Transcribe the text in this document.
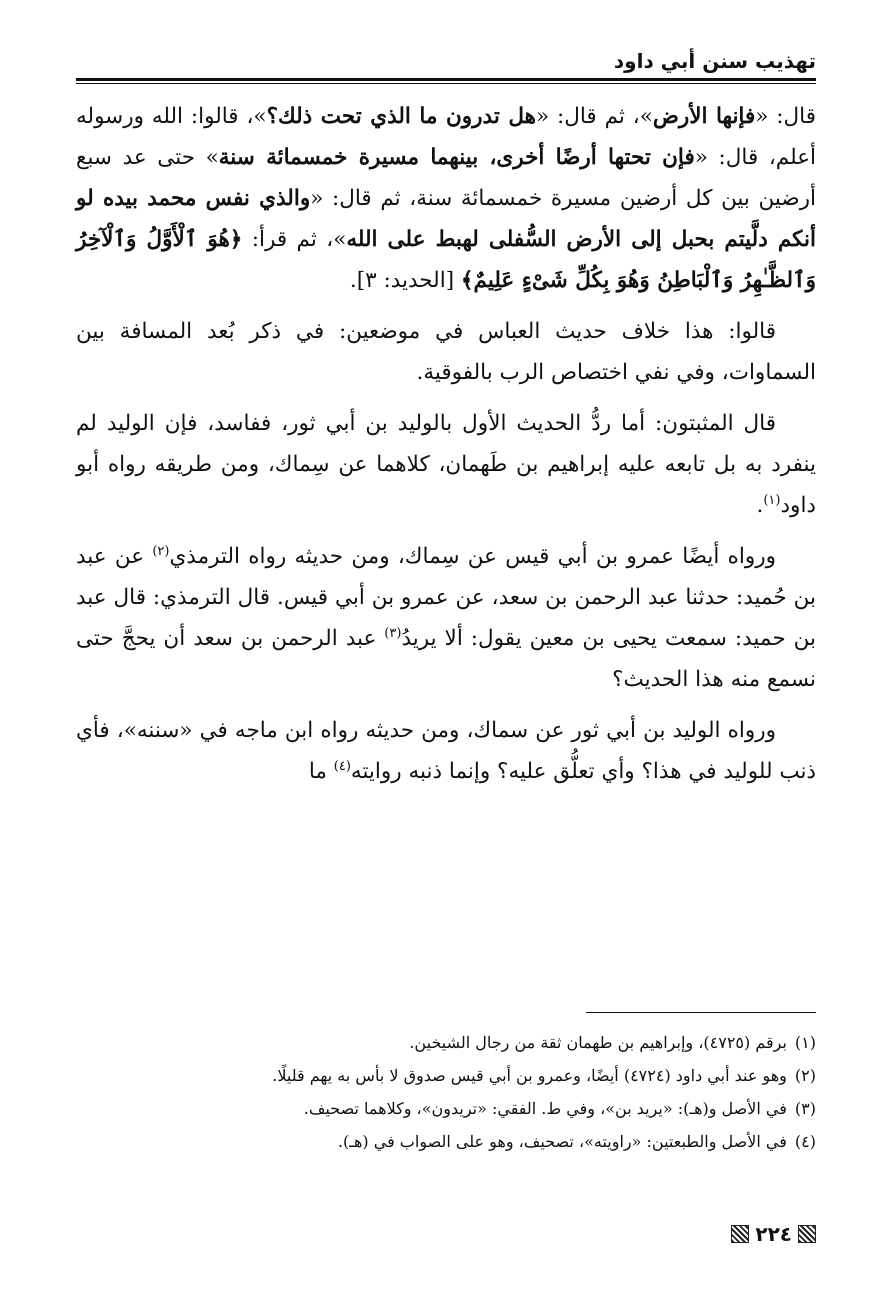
تهذيب سنن أبي داود

قال: «فإنها الأرض»، ثم قال: «هل تدرون ما الذي تحت ذلك؟»، قالوا: الله ورسوله أعلم، قال: «فإن تحتها أرضًا أخرى، بينهما مسيرة خمسمائة سنة» حتى عد سبع أرضين بين كل أرضين مسيرة خمسمائة سنة، ثم قال: «والذي نفس محمد بيده لو أنكم دلَّيتم بحبل إلى الأرض السُّفلى لهبط على الله»، ثم قرأ: ﴿هُوَ ٱلْأَوَّلُ وَٱلْآخِرُ وَٱلظَّـٰهِرُ وَٱلْبَاطِنُ وَهُوَ بِكُلِّ شَىْءٍ عَلِيمٌ﴾ [الحديد: ٣].

قالوا: هذا خلاف حديث العباس في موضعين: في ذكر بُعد المسافة بين السماوات، وفي نفي اختصاص الرب بالفوقية.

قال المثبتون: أما ردُّ الحديث الأول بالوليد بن أبي ثور، ففاسد، فإن الوليد لم ينفرد به بل تابعه عليه إبراهيم بن طَهمان، كلاهما عن سِماك، ومن طريقه رواه أبو داود$^{(١)}$.

ورواه أيضًا عمرو بن أبي قيس عن سِماك، ومن حديثه رواه الترمذي$^{(٢)}$ عن عبد بن حُميد: حدثنا عبد الرحمن بن سعد، عن عمرو بن أبي قيس. قال الترمذي: قال عبد بن حميد: سمعت يحيى بن معين يقول: ألا يريدُ$^{(٣)}$ عبد الرحمن بن سعد أن يحجَّ حتى نسمع منه هذا الحديث؟

ورواه الوليد بن أبي ثور عن سماك، ومن حديثه رواه ابن ماجه في «سننه»، فأي ذنب للوليد في هذا؟ وأي تعلُّق عليه؟ وإنما ذنبه روايته$^{(٤)}$ ما

(١)
برقم (٤٧٢٥)، وإبراهيم بن طهمان ثقة من رجال الشيخين.
(٢)
وهو عند أبي داود (٤٧٢٤) أيضًا، وعمرو بن أبي قيس صدوق لا بأس به يهم قليلًا.
(٣)
في الأصل و(هـ): «يريد بن»، وفي ط. الفقي: «تريدون»، وكلاهما تصحيف.
(٤)
في الأصل والطبعتين: «راويته»، تصحيف، وهو على الصواب في (هـ).
٢٢٤
